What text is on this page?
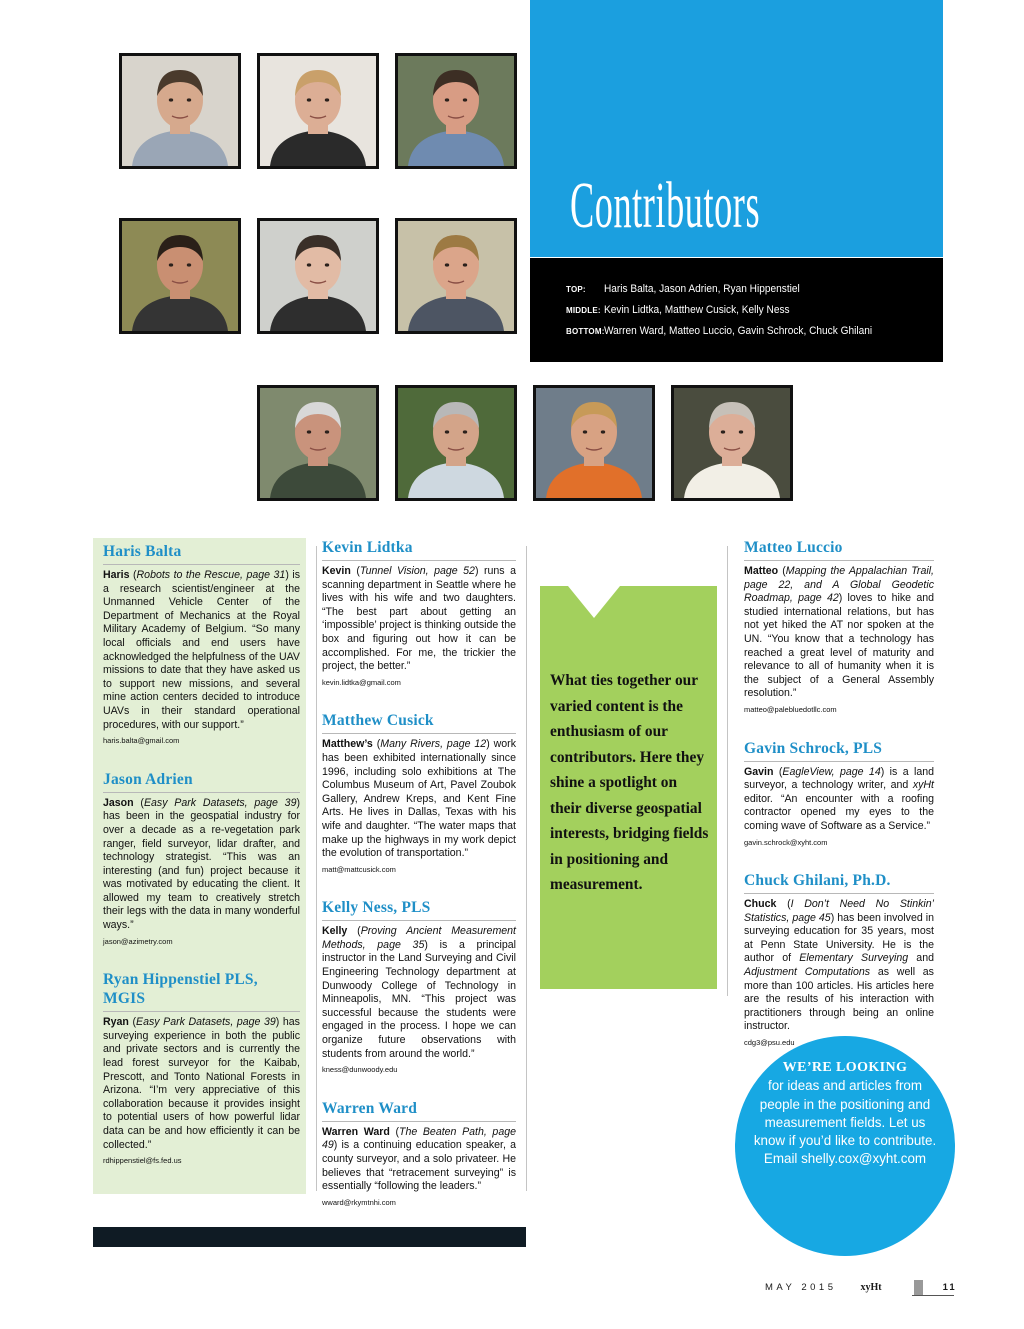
Contributors
TOP:	Haris Balta, Jason Adrien, Ryan Hippenstiel
MIDDLE: Kevin Lidtka, Matthew Cusick, Kelly Ness
BOTTOM: Warren Ward, Matteo Luccio, Gavin Schrock, Chuck Ghilani
Haris Balta

Haris (Robots to the Rescue, page 31) is a research scientist/engineer at the Unmanned Vehicle Center of the Department of Mechanics at the Royal Military Academy of Belgium. “So many local officials and end users have acknowledged the helpfulness of the UAV missions to date that they have asked us to support new missions, and several mine action centers decided to introduce UAVs in their standard operational procedures, with our support.”

haris.balta@gmail.com

Jason Adrien

Jason (Easy Park Datasets, page 39) has been in the geospatial industry for over a decade as a re-vegetation park ranger, field surveyor, lidar drafter, and technology strategist. “This was an interesting (and fun) project because it was motivated by educating the client. It allowed my team to creatively stretch their legs with the data in many wonderful ways.”

jason@azimetry.com

Ryan Hippenstiel PLS, MGIS

Ryan (Easy Park Datasets, page 39) has surveying experience in both the public and private sectors and is currently the lead forest surveyor for the Kaibab, Prescott, and Tonto National Forests in Arizona. “I’m very appreciative of this collaboration because it provides insight to potential users of how powerful lidar data can be and how efficiently it can be collected.”

rdhippenstiel@fs.fed.us

Kevin Lidtka

Kevin (Tunnel Vision, page 52) runs a scanning department in Seattle where he lives with his wife and two daughters. “The best part about getting an ‘impossible’ project is thinking outside the box and figuring out how it can be accomplished. For me, the trickier the project, the better.”

kevin.lidtka@gmail.com

Matthew Cusick

Matthew’s (Many Rivers, page 12) work has been exhibited internationally since 1996, including solo exhibitions at The Columbus Museum of Art, Pavel Zoubok Gallery, Andrew Kreps, and Kent Fine Arts. He lives in Dallas, Texas with his wife and daughter. “The water maps that make up the highways in my work depict the evolution of transportation.”

matt@mattcusick.com

Kelly Ness, PLS

Kelly (Proving Ancient Measurement Methods, page 35) is a principal instructor in the Land Surveying and Civil Engineering Technology department at Dunwoody College of Technology in Minneapolis, MN. “This project was successful because the students were engaged in the process. I hope we can organize future observations with students from around the world.”

kness@dunwoody.edu

Warren Ward

Warren Ward (The Beaten Path, page 49) is a continuing education speaker, a county surveyor, and a solo privateer. He believes that “retracement surveying” is essentially “following the leaders.”

wward@rkymtnhi.com

What ties together our varied content is the enthusiasm of our contributors. Here they shine a spotlight on their diverse geospatial interests, bridging fields in positioning and measurement.
Matteo Luccio

Matteo (Mapping the Appalachian Trail, page 22, and A Global Geodetic Roadmap, page 42) loves to hike and studied international relations, but has not yet hiked the AT nor spoken at the UN. “You know that a technology has reached a great level of maturity and relevance to all of humanity when it is the subject of a General Assembly resolution.”

matteo@palebluedotllc.com

Gavin Schrock, PLS

Gavin (EagleView, page 14) is a land surveyor, a technology writer, and xyHt editor. “An encounter with a roofing contractor opened my eyes to the coming wave of Software as a Service.”

gavin.schrock@xyht.com

Chuck Ghilani, Ph.D.

Chuck (I Don’t Need No Stinkin’ Statistics, page 45) has been involved in surveying education for 35 years, most at Penn State University. He is the author of Elementary Surveying and Adjustment Computations as well as more than 100 articles. His articles here are the results of his interaction with practitioners through being an online instructor.

cdg3@psu.edu

WE’RE LOOKING
for ideas and articles from people in the positioning and measurement fields. Let us know if you’d like to contribute.
Email shelly.cox@xyht.com
MAY 2015 xyHt	11
